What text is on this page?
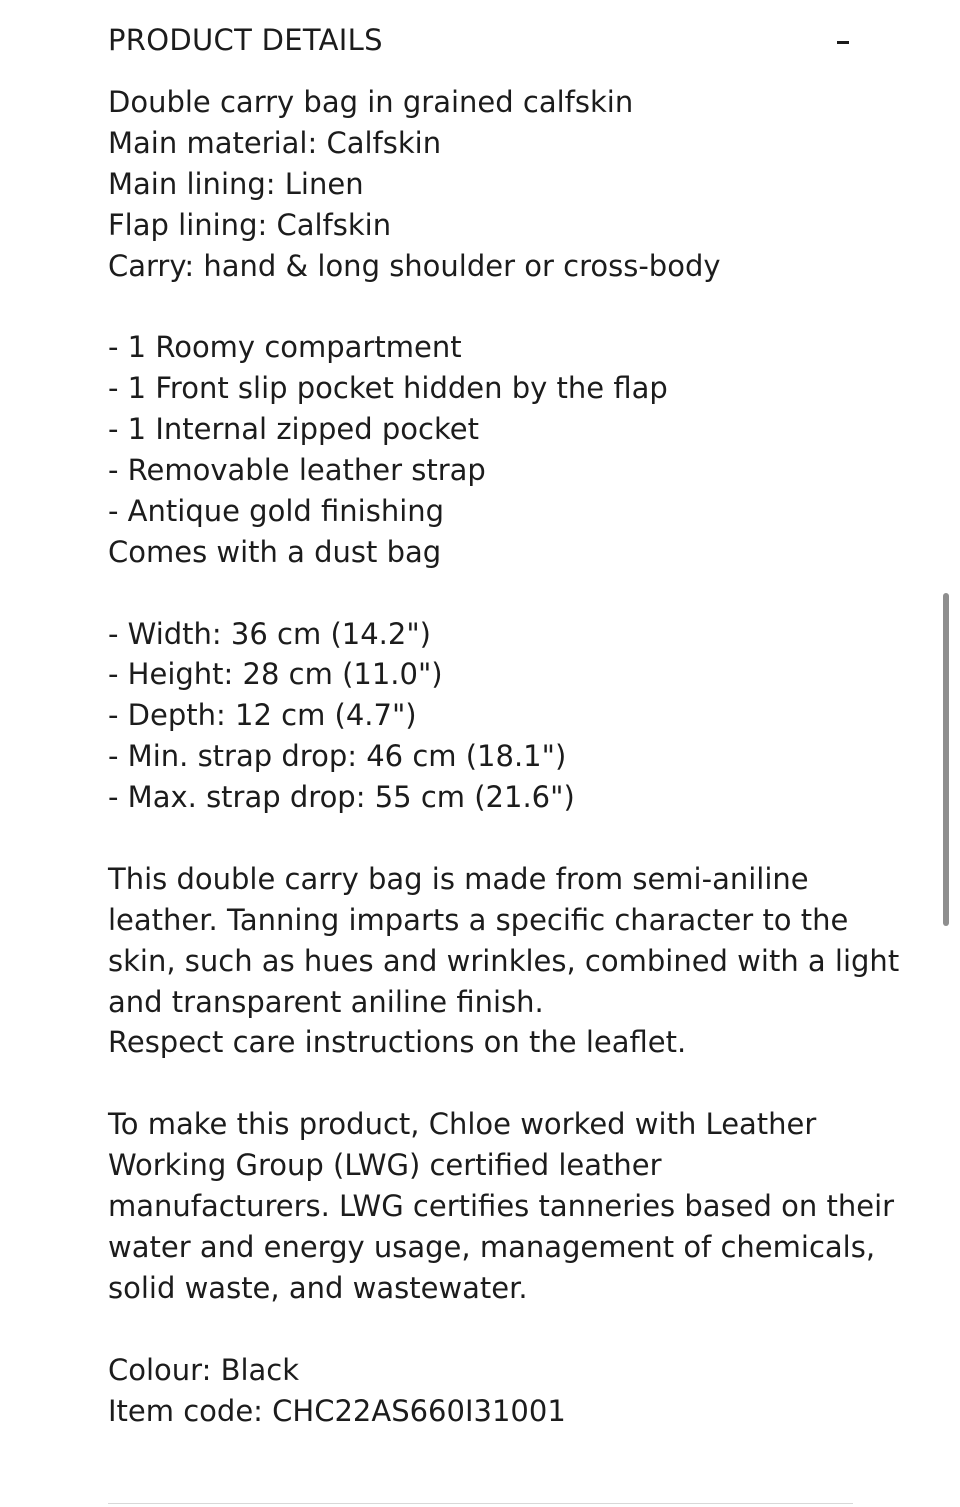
PRODUCT DETAILS
Double carry bag in grained calfskin
Main material: Calfskin
Main lining: Linen
Flap lining: Calfskin
Carry: hand & long shoulder or cross-body
- 1 Roomy compartment
- 1 Front slip pocket hidden by the flap
- 1 Internal zipped pocket
- Removable leather strap
- Antique gold finishing
Comes with a dust bag
- Width: 36 cm (14.2")
- Height: 28 cm (11.0")
- Depth: 12 cm (4.7")
- Min. strap drop: 46 cm (18.1")
- Max. strap drop: 55 cm (21.6")
This double carry bag is made from semi-aniline
leather. Tanning imparts a specific character to the
skin, such as hues and wrinkles, combined with a light
and transparent aniline finish.
Respect care instructions on the leaflet.
To make this product, Chloe worked with Leather
Working Group (LWG) certified leather
manufacturers. LWG certifies tanneries based on their
water and energy usage, management of chemicals,
solid waste, and wastewater.
Colour: Black
Item code: CHC22AS660I31001
